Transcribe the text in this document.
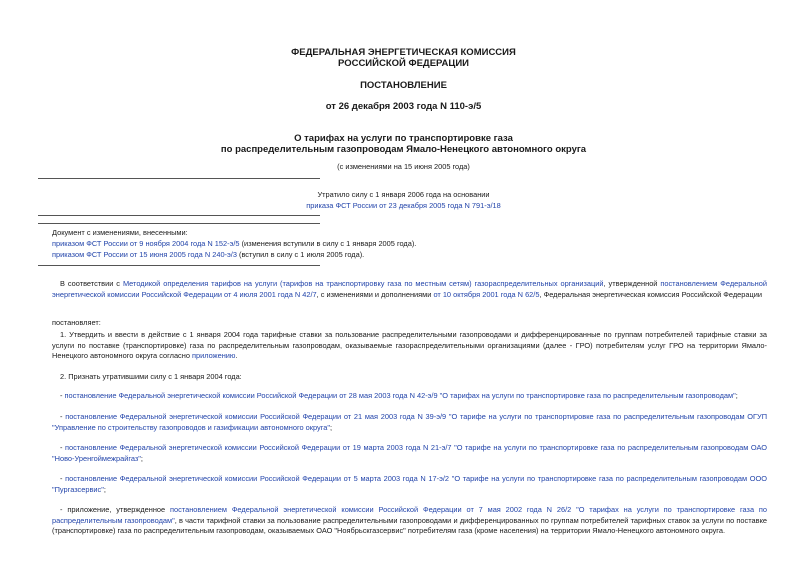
ФЕДЕРАЛЬНАЯ ЭНЕРГЕТИЧЕСКАЯ КОМИССИЯ
РОССИЙСКОЙ ФЕДЕРАЦИИ
ПОСТАНОВЛЕНИЕ
от 26 декабря 2003 года N 110-э/5
О тарифах на услуги по транспортировке газа
по распределительным газопроводам Ямало-Ненецкого автономного округа
(с изменениями на 15 июня 2005 года)
Утратило силу с 1 января 2006 года на основании
приказа ФСТ России от 23 декабря 2005 года N 791-э/18
Документ с изменениями, внесенными:
приказом ФСТ России от 9 ноября 2004 года N 152-э/5 (изменения вступили в силу с 1 января 2005 года).
приказом ФСТ России от 15 июня 2005 года N 240-э/3 (вступил в силу с 1 июля 2005 года).
В соответствии с Методикой определения тарифов на услуги (тарифов на транспортировку газа по местным сетям) газораспределительных организаций, утвержденной постановлением Федеральной энергетической комиссии Российской Федерации от 4 июля 2001 года N 42/7, с изменениями и дополнениями от 10 октября 2001 года N 62/5, Федеральная энергетическая комиссия Российской Федерации
постановляет:
1. Утвердить и ввести в действие с 1 января 2004 года тарифные ставки за пользование распределительными газопроводами и дифференцированные по группам потребителей тарифные ставки за услуги по поставке (транспортировке) газа по распределительным газопроводам, оказываемые газораспределительными организациями (далее - ГРО) потребителям услуг ГРО на территории Ямало-Ненецкого автономного округа согласно приложению.
2. Признать утратившими силу с 1 января 2004 года:
- постановление Федеральной энергетической комиссии Российской Федерации от 28 мая 2003 года N 42-э/9 "О тарифах на услуги по транспортировке газа по распределительным газопроводам";
- постановление Федеральной энергетической комиссии Российской Федерации от 21 мая 2003 года N 39-э/9 "О тарифе на услуги по транспортировке газа по распределительным газопроводам ОГУП "Управление по строительству газопроводов и газификации автономного округа";
- постановление Федеральной энергетической комиссии Российской Федерации от 19 марта 2003 года N 21-э/7 "О тарифе на услуги по транспортировке газа по распределительным газопроводам ОАО "Ново-Уренгоймежрайгаз";
- постановление Федеральной энергетической комиссии Российской Федерации от 5 марта 2003 года N 17-э/2 "О тарифе на услуги по транспортировке газа по распределительным газопроводам ООО "Пургазсервис";
- приложение, утвержденное постановлением Федеральной энергетической комиссии Российской Федерации от 7 мая 2002 года N 26/2 "О тарифах на услуги по транспортировке газа по распределительным газопроводам", в части тарифной ставки за пользование распределительными газопроводами и дифференцированных по группам потребителей тарифных ставок за услуги по поставке (транспортировке) газа по распределительным газопроводам, оказываемых ОАО "Ноябрьскгазсервис" потребителям газа (кроме населения) на территории Ямало-Ненецкого автономного округа.
